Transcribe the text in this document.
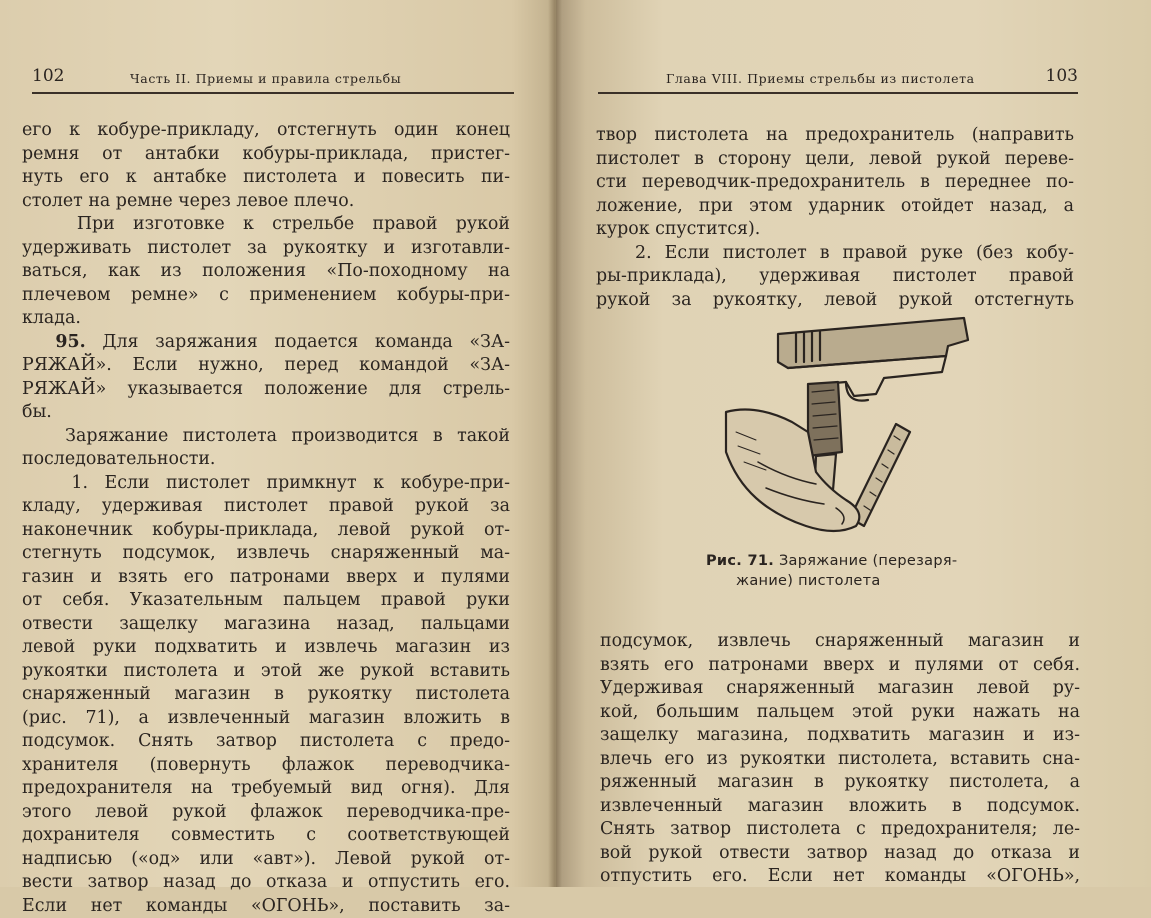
102	Часть II. Приемы и правила стрельбы
его к кобуре-прикладу, отстегнуть один конец
ремня от антабки кобуры-приклада, пристег-
нуть его к антабке пистолета и повесить пи-
столет на ремне через левое плечо.
При изготовке к стрельбе правой рукой
удерживать пистолет за рукоятку и изготавли-
ваться, как из положения «По-походному на
плечевом ремне» с применением кобуры-при-
клада.
95. Для заряжания подается команда «ЗА-
РЯЖАЙ». Если нужно, перед командой «ЗА-
РЯЖАЙ» указывается положение для стрель-
бы.
Заряжание пистолета производится в такой
последовательности.
1. Если пистолет примкнут к кобуре-при-
кладу, удерживая пистолет правой рукой за
наконечник кобуры-приклада, левой рукой от-
стегнуть подсумок, извлечь снаряженный ма-
газин и взять его патронами вверх и пулями
от себя. Указательным пальцем правой руки
отвести защелку магазина назад, пальцами
левой руки подхватить и извлечь магазин из
рукоятки пистолета и этой же рукой вставить
снаряженный магазин в рукоятку пистолета
(рис. 71), а извлеченный магазин вложить в
подсумок. Снять затвор пистолета с предо-
хранителя (повернуть флажок переводчика-
предохранителя на требуемый вид огня). Для
этого левой рукой флажок переводчика-пре-
дохранителя совместить с соответствующей
надписью («од» или «авт»). Левой рукой от-
вести затвор назад до отказа и отпустить его.
Если нет команды «ОГОНЬ», поставить за-
Глава VIII. Приемы стрельбы из пистолета	103
твор пистолета на предохранитель (направить
пистолет в сторону цели, левой рукой переве-
сти переводчик-предохранитель в переднее по-
ложение, при этом ударник отойдет назад, а
курок спустится).
2. Если пистолет в правой руке (без кобу-
ры-приклада), удерживая пистолет правой
рукой за рукоятку, левой рукой отстегнуть
Рис. 71. Заряжание (перезаря-
жание) пистолета
подсумок, извлечь снаряженный магазин и
взять его патронами вверх и пулями от себя.
Удерживая снаряженный магазин левой ру-
кой, большим пальцем этой руки нажать на
защелку магазина, подхватить магазин и из-
влечь его из рукоятки пистолета, вставить сна-
ряженный магазин в рукоятку пистолета, а
извлеченный магазин вложить в подсумок.
Снять затвор пистолета с предохранителя; ле-
вой рукой отвести затвор назад до отказа и
отпустить его. Если нет команды «ОГОНЬ»,
